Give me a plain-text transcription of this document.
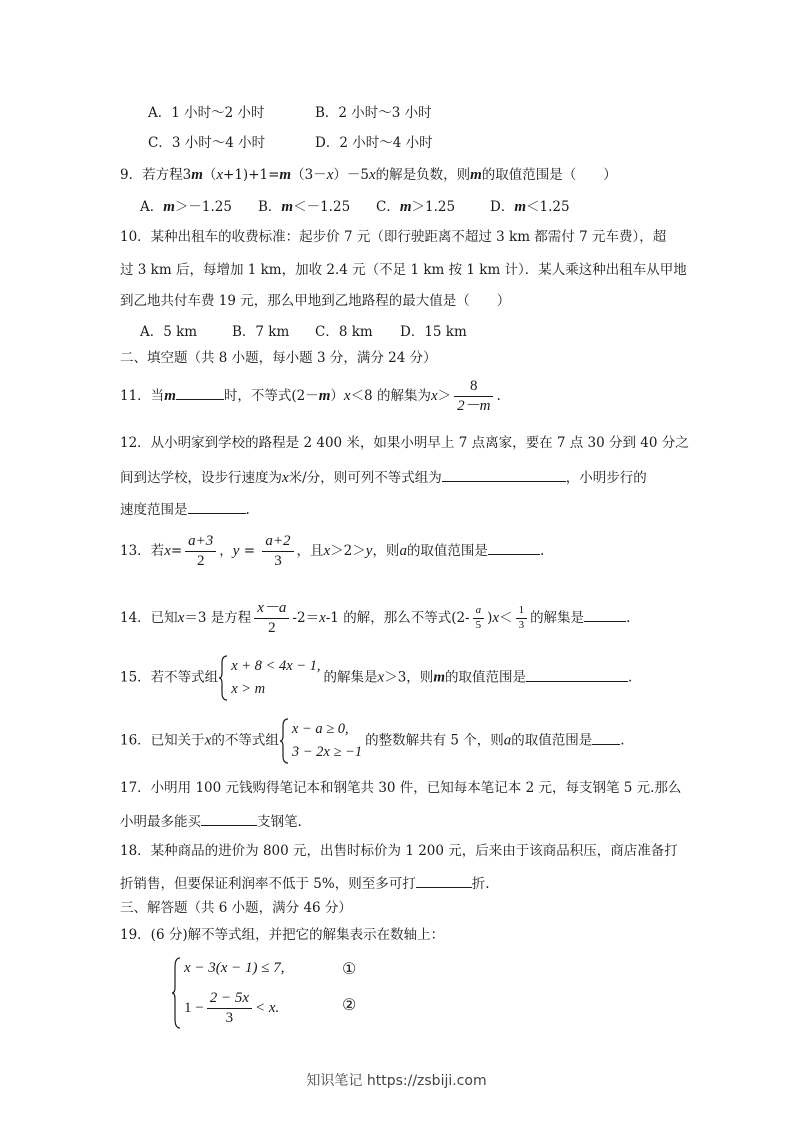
A．1 小时～2 小时	B．2 小时～3 小时
C．3 小时～4 小时	D．2 小时～4 小时
9．若方程3m（x+1)+1=m（3－x）－5x的解是负数，则m的取值范围是（　　）
A．m＞－1.25 B．m＜－1.25 C．m＞1.25	D．m＜1.25
10．某种出租车的收费标准：起步价 7 元（即行驶距离不超过 3 km 都需付 7 元车费），超
过 3 km 后，每增加 1 km，加收 2.4 元（不足 1 km 按 1 km 计）．某人乘这种出租车从甲地
到乙地共付车费 19 元，那么甲地到乙地路程的最大值是（　　）
A．5 km	B．7 km C．8 km D．15 km
二、填空题（共 8 小题，每小题 3 分，满分 24 分）
11．当m	时，不等式(2－m）x＜8 的解集为$x> \frac{8}{2-m}$ .
12．从小明家到学校的路程是 2 400 米，如果小明早上 7 点离家，要在 7 点 30 分到 40 分之
间到达学校，设步行速度为x米/分，则可列不等式组为	，小明步行的
速度范围是	.
13．若$x= \frac{a+3}{2}$ ，$y = \frac{a+2}{3}$ ，且x＞2＞y，则a的取值范围是	.
14．已知x＝3 是方程 $\frac{x-a}{2} -2=x-1$ 的解，那么不等式$(2- \frac{a}{5} )x< \frac{1}{3}$ 的解集是	.
15．若不等式组
x + 8 < 4x − 1,
x > m
的解集是x＞3，则m的取值范围是	.
16．已知关于x的不等式组
x − a ≥ 0,
3 − 2x ≥ −1
的整数解共有 5 个，则a的取值范围是 .
17．小明用 100 元钱购得笔记本和钢笔共 30 件，已知每本笔记本 2 元，每支钢笔 5 元.那么
小明最多能买	支钢笔.
18．某种商品的进价为 800 元，出售时标价为 1 200 元，后来由于该商品积压，商店准备打
折销售，但要保证利润率不低于 5%，则至多可打	折.
三、解答题（共 6 小题，满分 46 分）
19．(6 分)解不等式组，并把它的解集表示在数轴上：
x − 3(x − 1) ≤ 7,	①
$1 - \frac{2 - 5x}{3} < x$.	②
知识笔记 https://zsbiji.com
